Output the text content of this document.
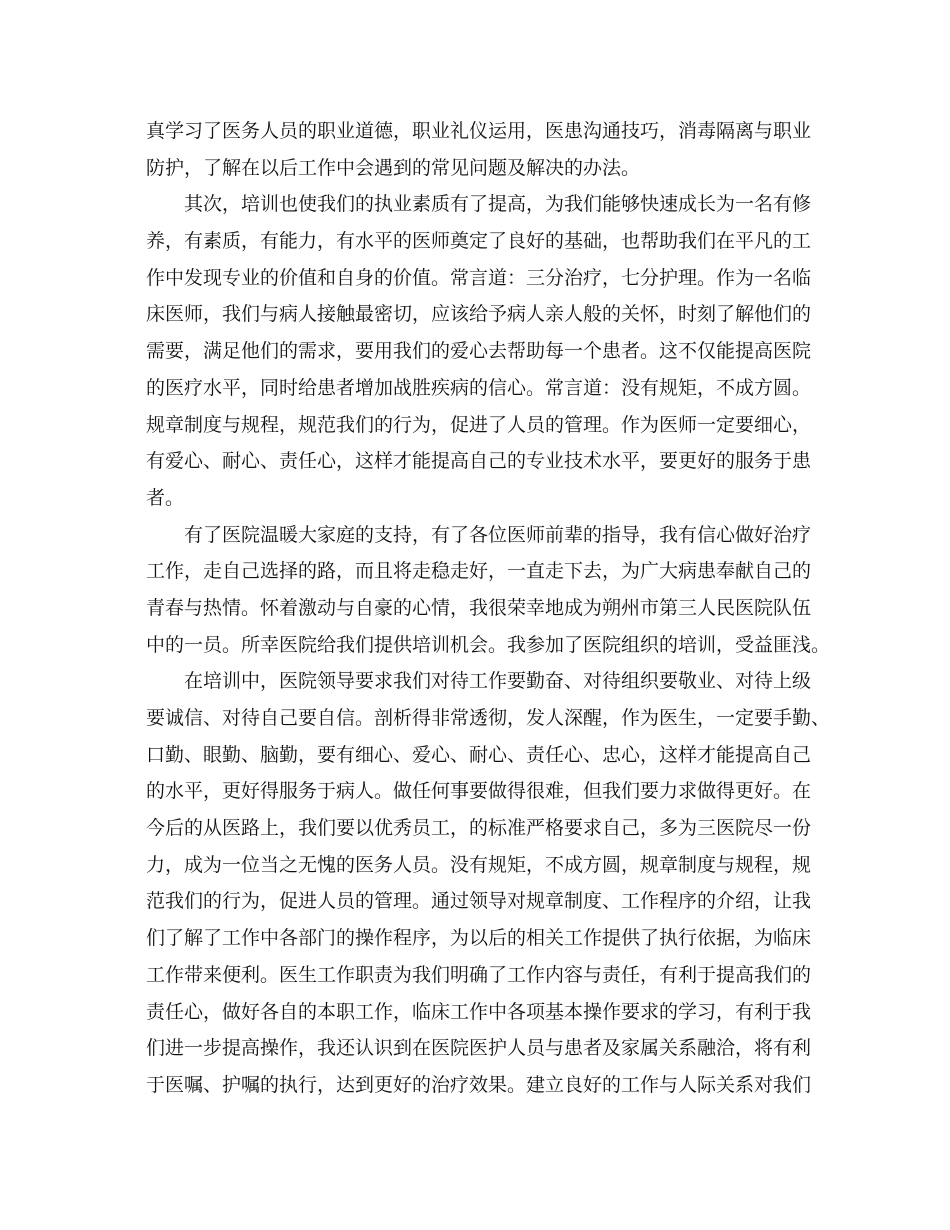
真学习了医务人员的职业道德，职业礼仪运用，医患沟通技巧，消毒隔离与职业
防护，了解在以后工作中会遇到的常见问题及解决的办法。
其次，培训也使我们的执业素质有了提高，为我们能够快速成长为一名有修
养，有素质，有能力，有水平的医师奠定了良好的基础，也帮助我们在平凡的工
作中发现专业的价值和自身的价值。常言道：三分治疗，七分护理。作为一名临
床医师，我们与病人接触最密切，应该给予病人亲人般的关怀，时刻了解他们的
需要，满足他们的需求，要用我们的爱心去帮助每一个患者。这不仅能提高医院
的医疗水平，同时给患者增加战胜疾病的信心。常言道：没有规矩，不成方圆。
规章制度与规程，规范我们的行为，促进了人员的管理。作为医师一定要细心，
有爱心、耐心、责任心，这样才能提高自己的专业技术水平，要更好的服务于患
者。
有了医院温暖大家庭的支持，有了各位医师前辈的指导，我有信心做好治疗
工作，走自己选择的路，而且将走稳走好，一直走下去，为广大病患奉献自己的
青春与热情。怀着激动与自豪的心情，我很荣幸地成为朔州市第三人民医院队伍
中的一员。所幸医院给我们提供培训机会。我参加了医院组织的培训，受益匪浅。
在培训中，医院领导要求我们对待工作要勤奋、对待组织要敬业、对待上级
要诚信、对待自己要自信。剖析得非常透彻，发人深醒，作为医生，一定要手勤、
口勤、眼勤、脑勤，要有细心、爱心、耐心、责任心、忠心，这样才能提高自己
的水平，更好得服务于病人。做任何事要做得很难，但我们要力求做得更好。在
今后的从医路上，我们要以优秀员工，的标准严格要求自己，多为三医院尽一份
力，成为一位当之无愧的医务人员。没有规矩，不成方圆，规章制度与规程，规
范我们的行为，促进人员的管理。通过领导对规章制度、工作程序的介绍，让我
们了解了工作中各部门的操作程序，为以后的相关工作提供了执行依据，为临床
工作带来便利。医生工作职责为我们明确了工作内容与责任，有利于提高我们的
责任心，做好各自的本职工作，临床工作中各项基本操作要求的学习，有利于我
们进一步提高操作，我还认识到在医院医护人员与患者及家属关系融洽，将有利
于医嘱、护嘱的执行，达到更好的治疗效果。建立良好的工作与人际关系对我们
